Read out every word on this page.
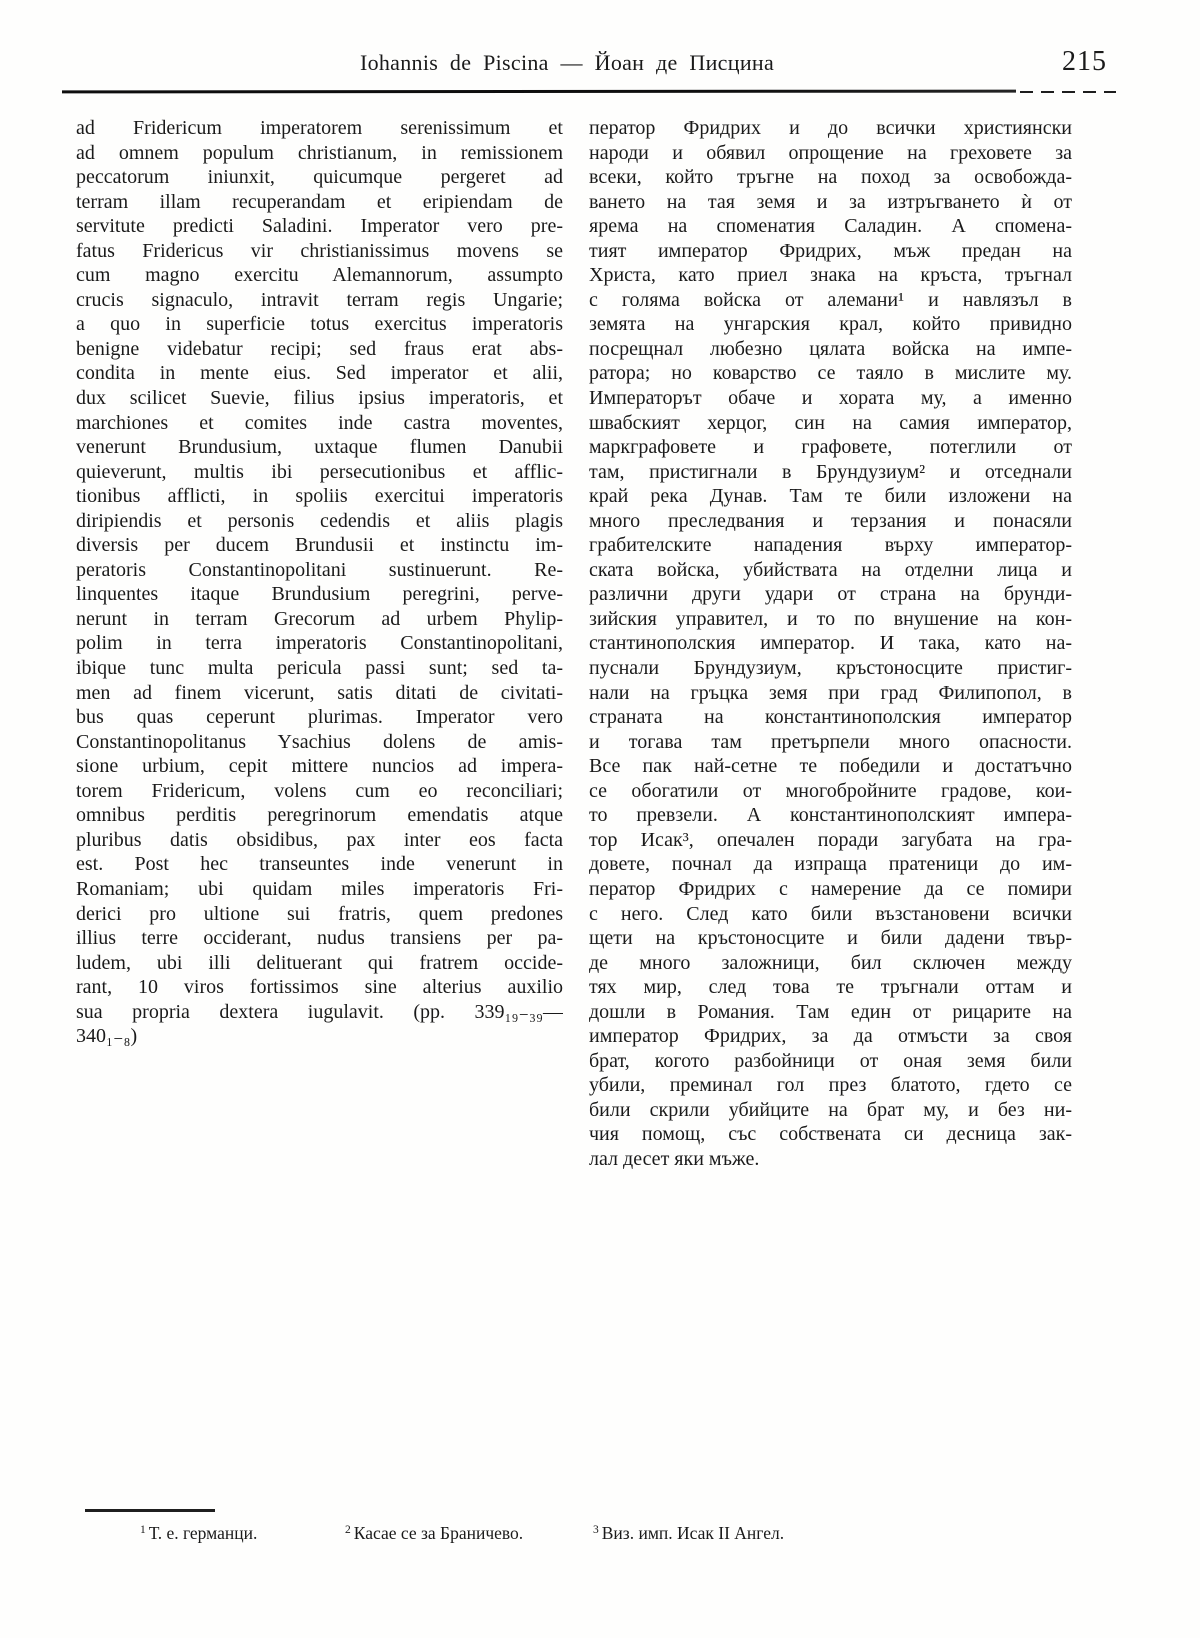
Iohannis de Piscina — Йоан де Писцина	215
ad Fridericum imperatorem serenissimum et
ad omnem populum christianum, in remissionem
peccatorum iniunxit, quicumque pergeret ad
terram illam recuperandam et eripiendam de
servitute predicti Saladini. Imperator vero pre-
fatus Fridericus vir christianissimus movens se
cum magno exercitu Alemannorum, assumpto
crucis signaculo, intravit terram regis Ungarie;
a quo in superficie totus exercitus imperatoris
benigne videbatur recipi; sed fraus erat abs-
condita in mente eius. Sed imperator et alii,
dux scilicet Suevie, filius ipsius imperatoris, et
marchiones et comites inde castra moventes,
venerunt Brundusium, uxtaque flumen Danubii
quieverunt, multis ibi persecutionibus et afflic-
tionibus afflicti, in spoliis exercitui imperatoris
diripiendis et personis cedendis et aliis plagis
diversis per ducem Brundusii et instinctu im-
peratoris Constantinopolitani sustinuerunt. Re-
linquentes itaque Brundusium peregrini, perve-
nerunt in terram Grecorum ad urbem Phylip-
polim in terra imperatoris Constantinopolitani,
ibique tunc multa pericula passi sunt; sed ta-
men ad finem vicerunt, satis ditati de civitati-
bus quas ceperunt plurimas. Imperator vero
Constantinopolitanus Ysachius dolens de amis-
sione urbium, cepit mittere nuncios ad impera-
torem Fridericum, volens cum eo reconciliari;
omnibus perditis peregrinorum emendatis atque
pluribus datis obsidibus, pax inter eos facta
est. Post hec transeuntes inde venerunt in
Romaniam; ubi quidam miles imperatoris Fri-
derici pro ultione sui fratris, quem predones
illius terre occiderant, nudus transiens per pa-
ludem, ubi illi delituerant qui fratrem occide-
rant, 10 viros fortissimos sine alterius auxilio
sua propria dextera iugulavit. (pp. 339₁₉₋₃₉—
340₁₋₈)
ператор Фридрих и до всички християнски
народи и обявил опрощение на греховете за
всеки, който тръгне на поход за освобожда-
ването на тая земя и за изтръгването ѝ от
ярема на споменатия Саладин. А спомена-
тият император Фридрих, мъж предан на
Христа, като приел знака на кръста, тръгнал
с голяма войска от алемани¹ и навлязъл в
земята на унгарския крал, който привидно
посрещнал любезно цялата войска на импе-
ратора; но коварство се таяло в мислите му.
Императорът обаче и хората му, а именно
швабският херцог, син на самия император,
маркграфовете и графовете, потеглили от
там, пристигнали в Брундузиум² и отседнали
край река Дунав. Там те били изложени на
много преследвания и терзания и понасяли
грабителските нападения върху император-
ската войска, убийствата на отделни лица и
различни други удари от страна на брунди-
зийския управител, и то по внушение на кон-
стантинополския император. И така, като на-
пуснали Брундузиум, кръстоносците пристиг-
нали на гръцка земя при град Филипопол, в
страната на константинополския император
и тогава там претърпели много опасности.
Все пак най-сетне те победили и достатъчно
се обогатили от многобройните градове, кои-
то превзели. А константинополският импера-
тор Исак³, опечален поради загубата на гра-
довете, почнал да изпраща пратеници до им-
ператор Фридрих с намерение да се помири
с него. След като били възстановени всички
щети на кръстоносците и били дадени твър-
де много заложници, бил сключен между
тях мир, след това те тръгнали оттам и
дошли в Романия. Там един от рицарите на
император Фридрих, за да отмъсти за своя
брат, когото разбойници от оная земя били
убили, преминал гол през блатото, гдето се
били скрили убийците на брат му, и без ни-
чия помощ, със собствената си десница зак-
лал десет яки мъже.
$^1$ Т. е. германци.	$^2$ Касае се за Браничево.	$^3$ Виз. имп. Исак II Ангел.
